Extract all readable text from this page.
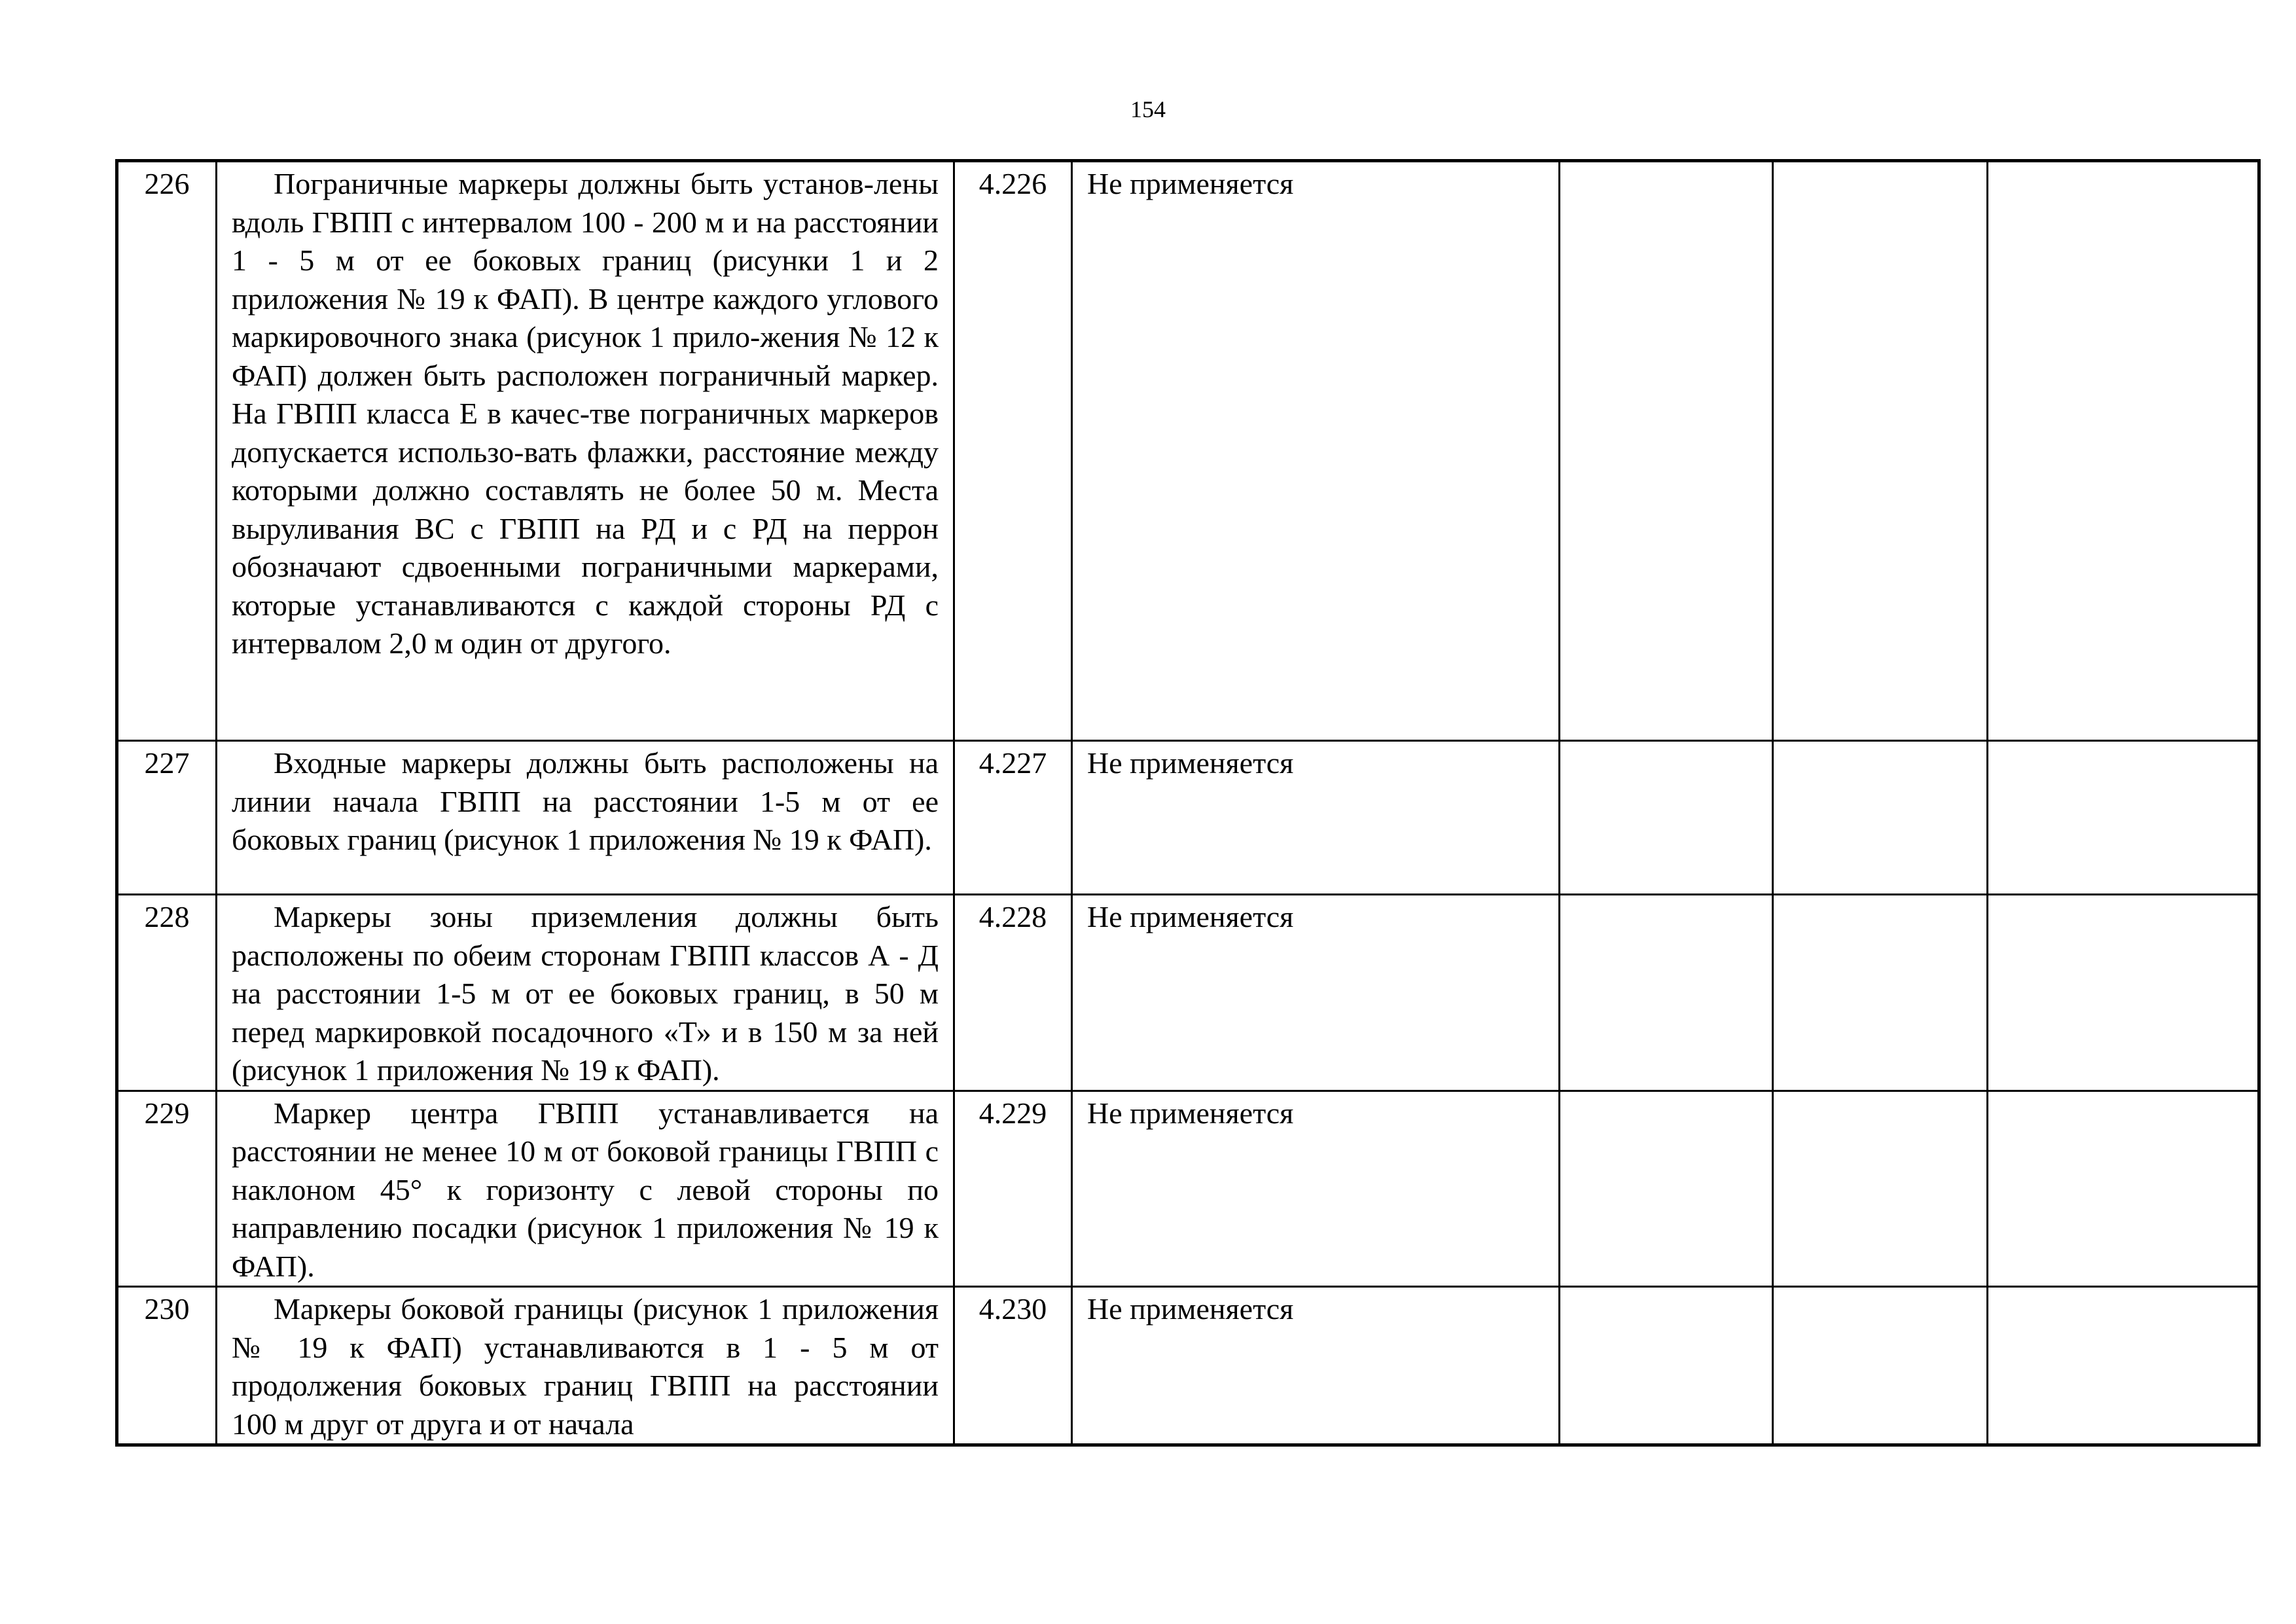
154
226	Пограничные маркеры должны быть установ-лены вдоль ГВПП с интервалом 100 - 200 м и на расстоянии 1 - 5 м от ее боковых границ (рисунки 1 и 2 приложения № 19 к ФАП). В центре каждого углового маркировочного знака (рисунок 1 прило-жения № 12 к ФАП) должен быть расположен пограничный маркер. На ГВПП класса Е в качес-тве пограничных маркеров допускается использо-вать флажки, расстояние между которыми должно составлять не более 50 м. Места выруливания ВС с ГВПП на РД и с РД на перрон обозначают сдвоенными пограничными маркерами, которые устанавливаются с каждой стороны РД с интервалом 2,0 м один от другого.	4.226	Не применяется			
227	Входные маркеры должны быть расположены на линии начала ГВПП на расстоянии 1-5 м от ее боковых границ (рисунок 1 приложения № 19 к ФАП).	4.227	Не применяется			
228	Маркеры зоны приземления должны быть расположены по обеим сторонам ГВПП классов А - Д на расстоянии 1-5 м от ее боковых границ, в 50 м перед маркировкой посадочного «Т» и в 150 м за ней (рисунок 1 приложения № 19 к ФАП).	4.228	Не применяется			
229	Маркер центра ГВПП устанавливается на расстоянии не менее 10 м от боковой границы ГВПП с наклоном 45° к горизонту с левой стороны по направлению посадки (рисунок 1 приложения № 19 к ФАП).	4.229	Не применяется			
230	Маркеры боковой границы (рисунок 1 приложения № 19 к ФАП) устанавливаются в 1 - 5 м от продолжения боковых границ ГВПП на расстоянии 100 м друг от друга и от начала	4.230	Не применяется			
